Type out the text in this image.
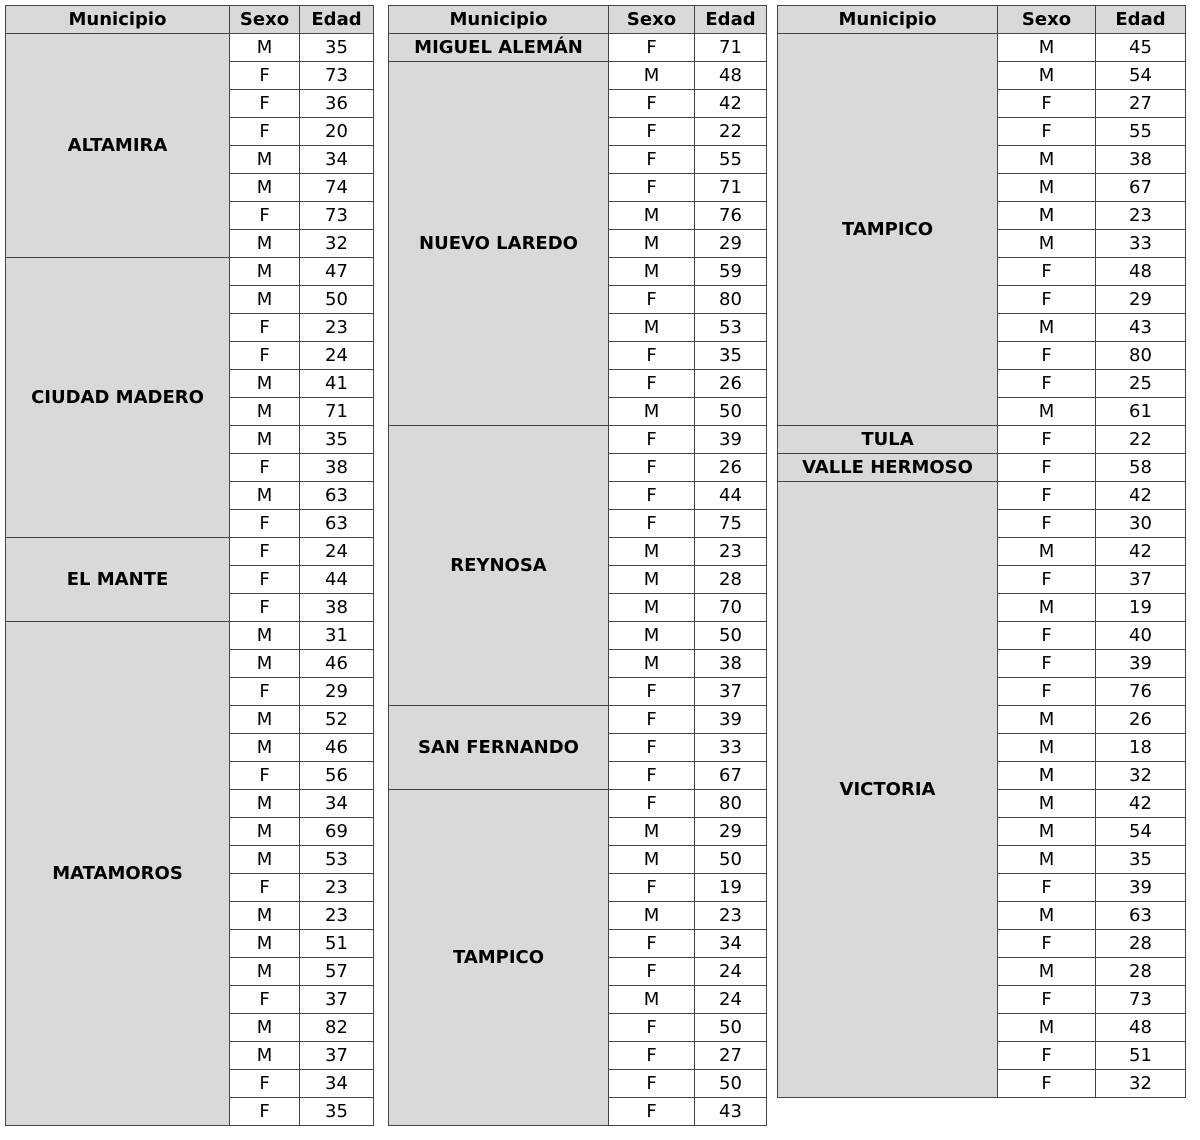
Municipio	Sexo	Edad
ALTAMIRA	M	35
	F	73
	F	36
	F	20
	M	34
	M	74
	F	73
	M	32
CIUDAD MADERO	M	47
	M	50
	F	23
	F	24
	M	41
	M	71
	M	35
	F	38
	M	63
	F	63
EL MANTE	F	24
	F	44
	F	38
MATAMOROS	M	31
	M	46
	F	29
	M	52
	M	46
	F	56
	M	34
	M	69
	M	53
	F	23
	M	23
	M	51
	M	57
	F	37
	M	82
	M	37
	F	34
	F	35
Municipio	Sexo	Edad
MIGUEL ALEMÁN	F	71
NUEVO LAREDO	M	48
	F	42
	F	22
	F	55
	F	71
	M	76
	M	29
	M	59
	F	80
	M	53
	F	35
	F	26
	M	50
REYNOSA	F	39
	F	26
	F	44
	F	75
	M	23
	M	28
	M	70
	M	50
	M	38
	F	37
SAN FERNANDO	F	39
	F	33
	F	67
TAMPICO	F	80
	M	29
	M	50
	F	19
	M	23
	F	34
	F	24
	M	24
	F	50
	F	27
	F	50
	F	43
Municipio	Sexo	Edad
TAMPICO	M	45
	M	54
	F	27
	F	55
	M	38
	M	67
	M	23
	M	33
	F	48
	F	29
	M	43
	F	80
	F	25
	M	61
TULA	F	22
VALLE HERMOSO	F	58
VICTORIA	F	42
	F	30
	M	42
	F	37
	M	19
	F	40
	F	39
	F	76
	M	26
	M	18
	M	32
	M	42
	M	54
	M	35
	F	39
	M	63
	F	28
	M	28
	F	73
	M	48
	F	51
	F	32
